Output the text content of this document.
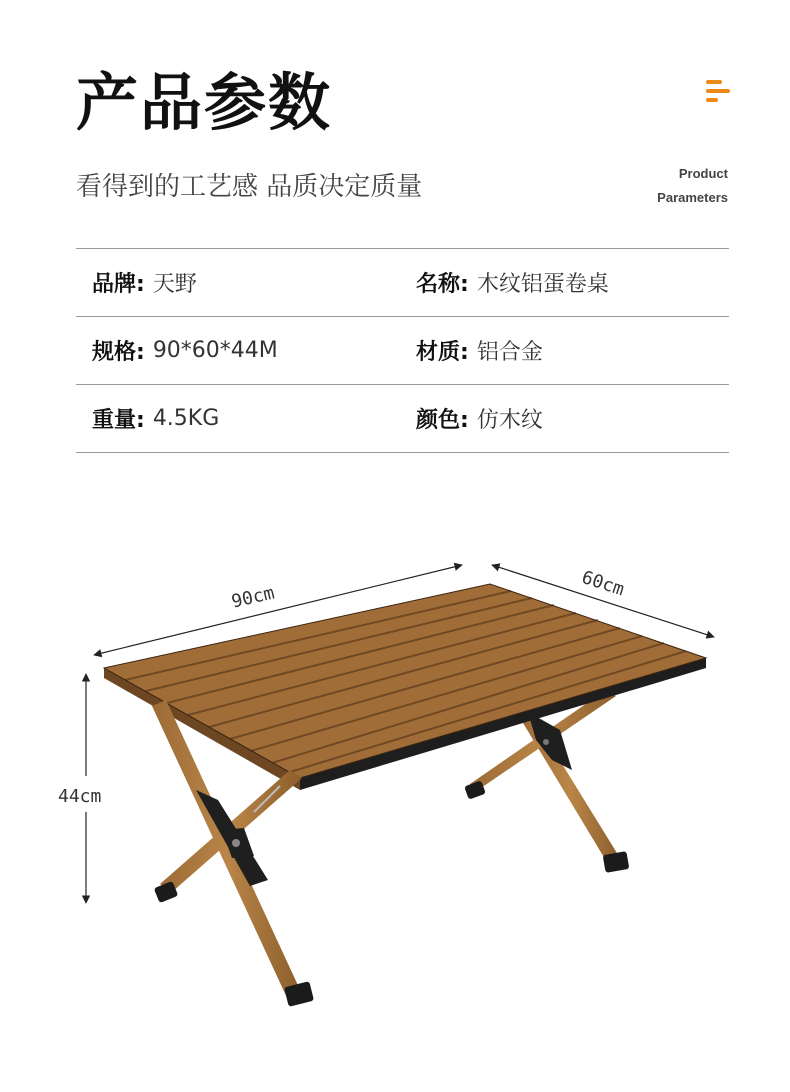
产品参数
看得到的工艺感 品质决定质量	Product
Parameters
品牌: 天野	名称: 木纹铝蛋卷桌
规格: 90*60*44M	材质: 铝合金
重量: 4.5KG	颜色: 仿木纹
90cm	60cm
44cm
